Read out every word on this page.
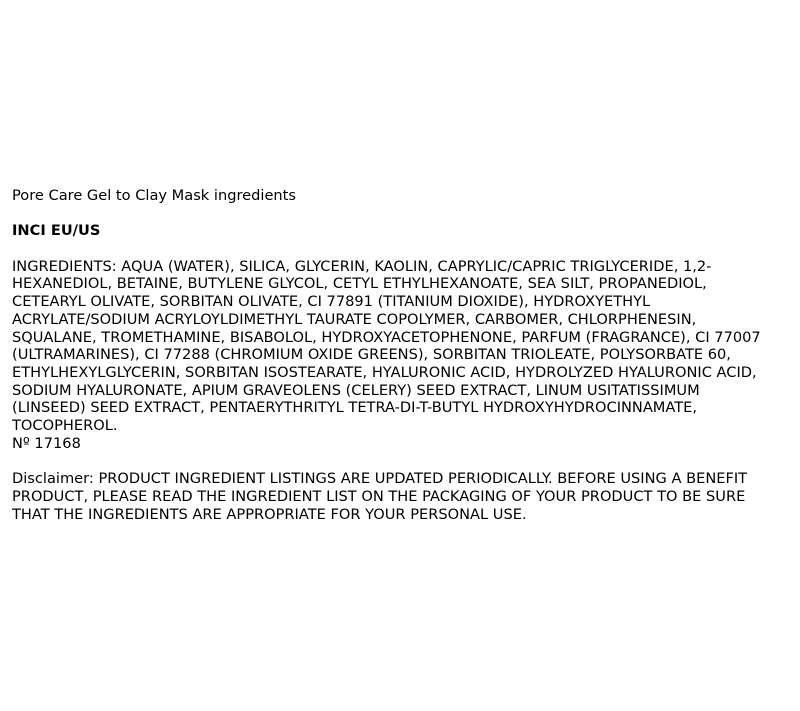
Pore Care Gel to Clay Mask ingredients
INCI EU/US
INGREDIENTS: AQUA (WATER), SILICA, GLYCERIN, KAOLIN, CAPRYLIC/CAPRIC TRIGLYCERIDE, 1,2-
HEXANEDIOL, BETAINE, BUTYLENE GLYCOL, CETYL ETHYLHEXANOATE, SEA SILT, PROPANEDIOL,
CETEARYL OLIVATE, SORBITAN OLIVATE, CI 77891 (TITANIUM DIOXIDE), HYDROXYETHYL
ACRYLATE/SODIUM ACRYLOYLDIMETHYL TAURATE COPOLYMER, CARBOMER, CHLORPHENESIN,
SQUALANE, TROMETHAMINE, BISABOLOL, HYDROXYACETOPHENONE, PARFUM (FRAGRANCE), CI 77007
(ULTRAMARINES), CI 77288 (CHROMIUM OXIDE GREENS), SORBITAN TRIOLEATE, POLYSORBATE 60,
ETHYLHEXYLGLYCERIN, SORBITAN ISOSTEARATE, HYALURONIC ACID, HYDROLYZED HYALURONIC ACID,
SODIUM HYALURONATE, APIUM GRAVEOLENS (CELERY) SEED EXTRACT, LINUM USITATISSIMUM
(LINSEED) SEED EXTRACT, PENTAERYTHRITYL TETRA-DI-T-BUTYL HYDROXYHYDROCINNAMATE,
TOCOPHEROL.
Nº 17168
Disclaimer: PRODUCT INGREDIENT LISTINGS ARE UPDATED PERIODICALLY. BEFORE USING A BENEFIT
PRODUCT, PLEASE READ THE INGREDIENT LIST ON THE PACKAGING OF YOUR PRODUCT TO BE SURE
THAT THE INGREDIENTS ARE APPROPRIATE FOR YOUR PERSONAL USE.
